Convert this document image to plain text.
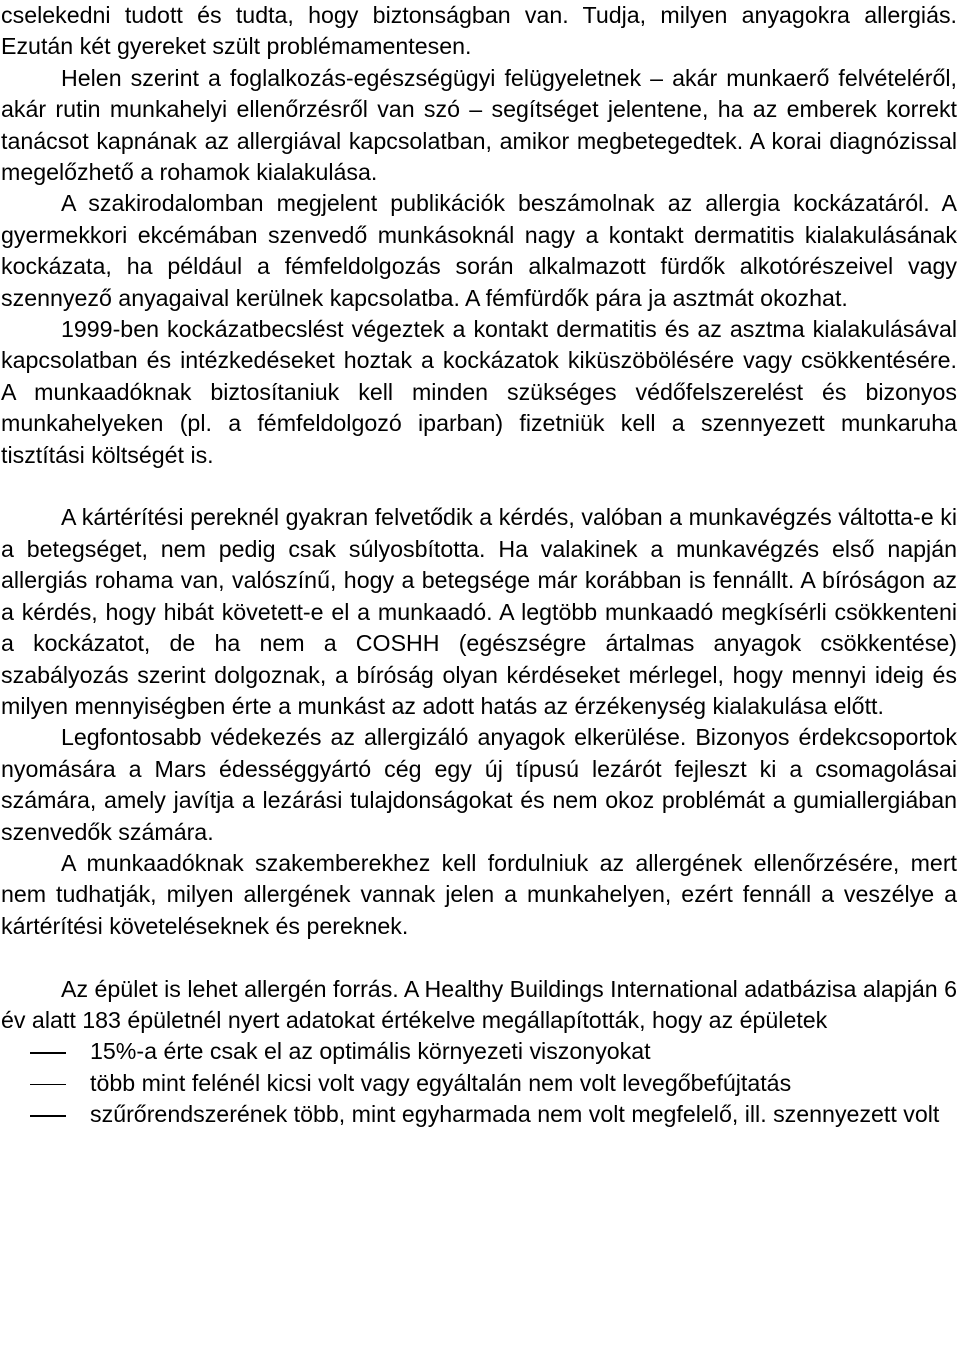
cselekedni tudott és tudta, hogy biztonságban van. Tudja, milyen anyagokra allergiás. Ezután két gyereket szült problémamentesen.

Helen szerint a foglalkozás-egészségügyi felügyeletnek – akár munkaerő felvételéről, akár rutin munkahelyi ellenőrzésről van szó – segítséget jelentene, ha az emberek korrekt tanácsot kapnának az allergiával kapcsolatban, amikor megbetegedtek. A korai diagnózissal megelőzhető a rohamok kialakulása.

A szakirodalomban megjelent publikációk beszámolnak az allergia kockázatáról. A gyermekkori ekcémában szenvedő munkásoknál nagy a kontakt dermatitis kialakulásának kockázata, ha például a fémfeldolgozás során alkalmazott fürdők alkotórészeivel vagy szennyező anyagaival kerülnek kapcsolatba. A fémfürdők pára ja asztmát okozhat.

1999-ben kockázatbecslést végeztek a kontakt dermatitis és az asztma kialakulásával kapcsolatban és intézkedéseket hoztak a kockázatok kiküszöbölésére vagy csökkentésére. A munkaadóknak biztosítaniuk kell minden szükséges védőfelszerelést és bizonyos munkahelyeken (pl. a fémfeldolgozó iparban) fizetniük kell a szennyezett munkaruha tisztítási költségét is.

A kártérítési pereknél gyakran felvetődik a kérdés, valóban a munkavégzés váltotta-e ki a betegséget, nem pedig csak súlyosbította. Ha valakinek a munkavégzés első napján allergiás rohama van, valószínű, hogy a betegsége már korábban is fennállt. A bíróságon az a kérdés, hogy hibát követett-e el a munkaadó. A legtöbb munkaadó megkísérli csökkenteni a kockázatot, de ha nem a COSHH (egészségre ártalmas anyagok csökkentése) szabályozás szerint dolgoznak, a bíróság olyan kérdéseket mérlegel, hogy mennyi ideig és milyen mennyiségben érte a munkást az adott hatás az érzékenység kialakulása előtt.

Legfontosabb védekezés az allergizáló anyagok elkerülése. Bizonyos érdekcsoportok nyomására a Mars édességgyártó cég egy új típusú lezárót fejleszt ki a csomagolásai számára, amely javítja a lezárási tulajdonságokat és nem okoz problémát a gumiallergiában szenvedők számára.

A munkaadóknak szakemberekhez kell fordulniuk az allergének ellenőrzésére, mert nem tudhatják, milyen allergének vannak jelen a munkahelyen, ezért fennáll a veszélye a kártérítési követeléseknek és pereknek.

Az épület is lehet allergén forrás. A Healthy Buildings International adatbázisa alapján 6 év alatt 183 épületnél nyert adatokat értékelve megállapították, hogy az épületek

15%-a érte csak el az optimális környezeti viszonyokat
több mint felénél kicsi volt vagy egyáltalán nem volt levegőbefújtatás
szűrőrendszerének több, mint egyharmada nem volt megfelelő, ill. szennyezett volt
